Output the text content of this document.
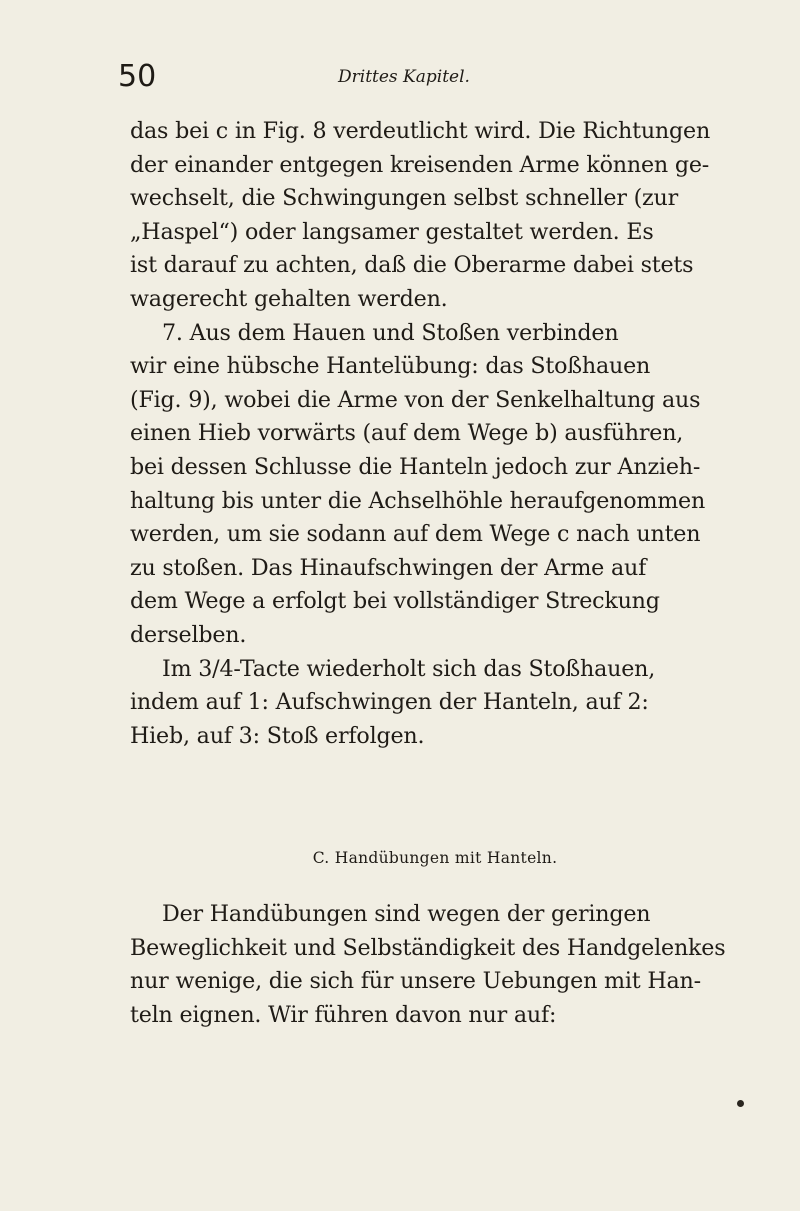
50	Drittes Kapitel.
das bei c in Fig. 8 verdeutlicht wird. Die Richtungen
der einander entgegen kreisenden Arme können ge-
wechselt, die Schwingungen selbst schneller (zur
„Haspel“) oder langsamer gestaltet werden. Es
ist darauf zu achten, daß die Oberarme dabei stets
wagerecht gehalten werden.
7. Aus dem Hauen und Stoßen verbinden
wir eine hübsche Hantelübung: das Stoßhauen
(Fig. 9), wobei die Arme von der Senkelhaltung aus
einen Hieb vorwärts (auf dem Wege b) ausführen,
bei dessen Schlusse die Hanteln jedoch zur Anzieh-
haltung bis unter die Achselhöhle heraufgenommen
werden, um sie sodann auf dem Wege c nach unten
zu stoßen. Das Hinaufschwingen der Arme auf
dem Wege a erfolgt bei vollständiger Streckung
derselben.
Im 3/4-Tacte wiederholt sich das Stoßhauen,
indem auf 1: Aufschwingen der Hanteln, auf 2:
Hieb, auf 3: Stoß erfolgen.
C. Handübungen mit Hanteln.
Der Handübungen sind wegen der geringen
Beweglichkeit und Selbständigkeit des Handgelenkes
nur wenige, die sich für unsere Uebungen mit Han-
teln eignen. Wir führen davon nur auf:
